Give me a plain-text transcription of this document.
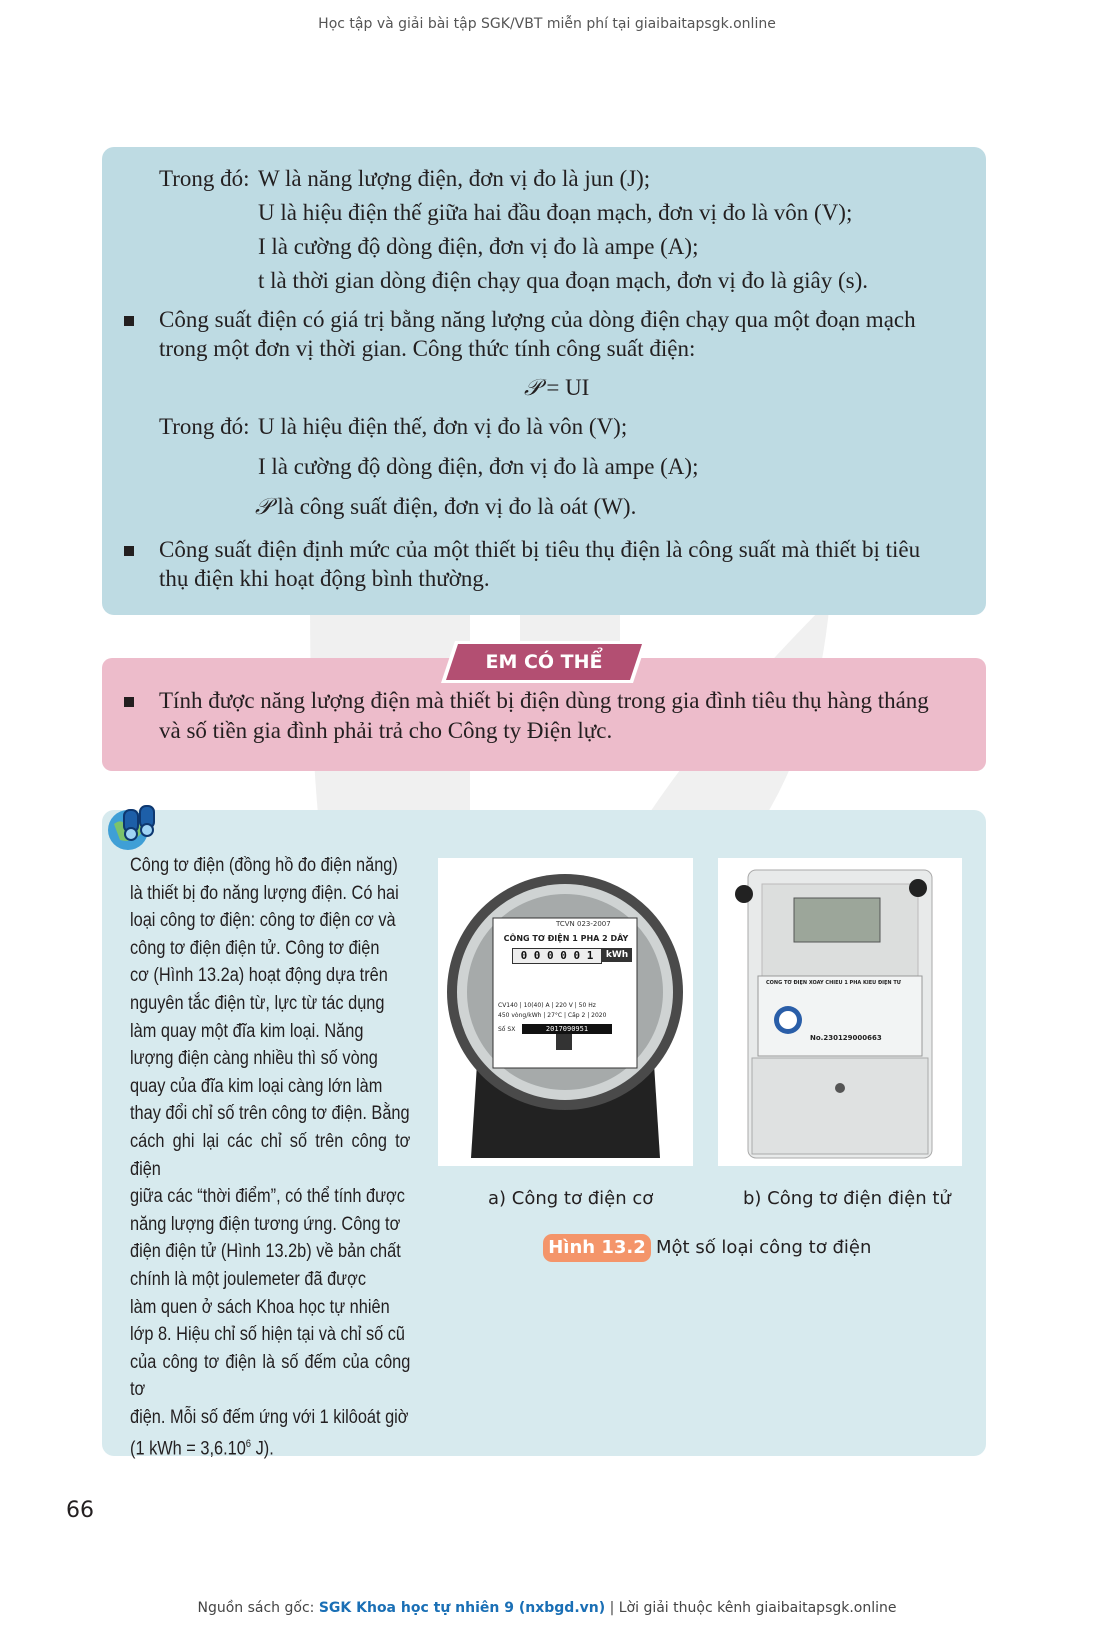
Học tập và giải bài tập SGK/VBT miễn phí tại giaibaitapsgk.online
Trong đó: W là năng lượng điện, đơn vị đo là jun (J);
U là hiệu điện thế giữa hai đầu đoạn mạch, đơn vị đo là vôn (V);
I là cường độ dòng điện, đơn vị đo là ampe (A);
t là thời gian dòng điện chạy qua đoạn mạch, đơn vị đo là giây (s).
Công suất điện có giá trị bằng năng lượng của dòng điện chạy qua một đoạn mạch
trong một đơn vị thời gian. Công thức tính công suất điện:
𝒫 = UI
Trong đó: U là hiệu điện thế, đơn vị đo là vôn (V);
I là cường độ dòng điện, đơn vị đo là ampe (A);
𝒫 là công suất điện, đơn vị đo là oát (W).
Công suất điện định mức của một thiết bị tiêu thụ điện là công suất mà thiết bị tiêu
thụ điện khi hoạt động bình thường.
EM CÓ THỂ
Tính được năng lượng điện mà thiết bị điện dùng trong gia đình tiêu thụ hàng tháng
và số tiền gia đình phải trả cho Công ty Điện lực.
Công tơ điện (đồng hồ đo điện năng)
là thiết bị đo năng lượng điện. Có hai
loại công tơ điện: công tơ điện cơ và
công tơ điện điện tử. Công tơ điện
cơ (Hình 13.2a) hoạt động dựa trên
nguyên tắc điện từ, lực từ tác dụng
làm quay một đĩa kim loại. Năng
lượng điện càng nhiều thì số vòng
quay của đĩa kim loại càng lớn làm
thay đổi chỉ số trên công tơ điện. Bằng
cách ghi lại các chỉ số trên công tơ điện
giữa các “thời điểm”, có thể tính được
năng lượng điện tương ứng. Công tơ
điện điện tử (Hình 13.2b) về bản chất
chính là một joulemeter đã được
làm quen ở sách Khoa học tự nhiên
lớp 8. Hiệu chỉ số hiện tại và chỉ số cũ
của công tơ điện là số đếm của công tơ
điện. Mỗi số đếm ứng với 1 kilôoát giờ
(1 kWh = $3,6.10^6$ J).
TCVN 023-2007
CÔNG TƠ ĐIỆN 1 PHA 2 DÂY
0 0 0 0 0 1	kWh
CV140 | 10(40) A | 220 V | 50 Hz
450 vòng/kWh | 27°C | Cấp 2 | 2020
Số SX	2017090951
CÔNG TƠ ĐIỆN XOAY CHIỀU 1 PHA KIỂU ĐIỆN TỬ
No.230129000663
a) Công tơ điện cơ	b) Công tơ điện điện tử
Hình 13.2 Một số loại công tơ điện
66
Nguồn sách gốc: SGK Khoa học tự nhiên 9 (nxbgd.vn) | Lời giải thuộc kênh giaibaitapsgk.online
